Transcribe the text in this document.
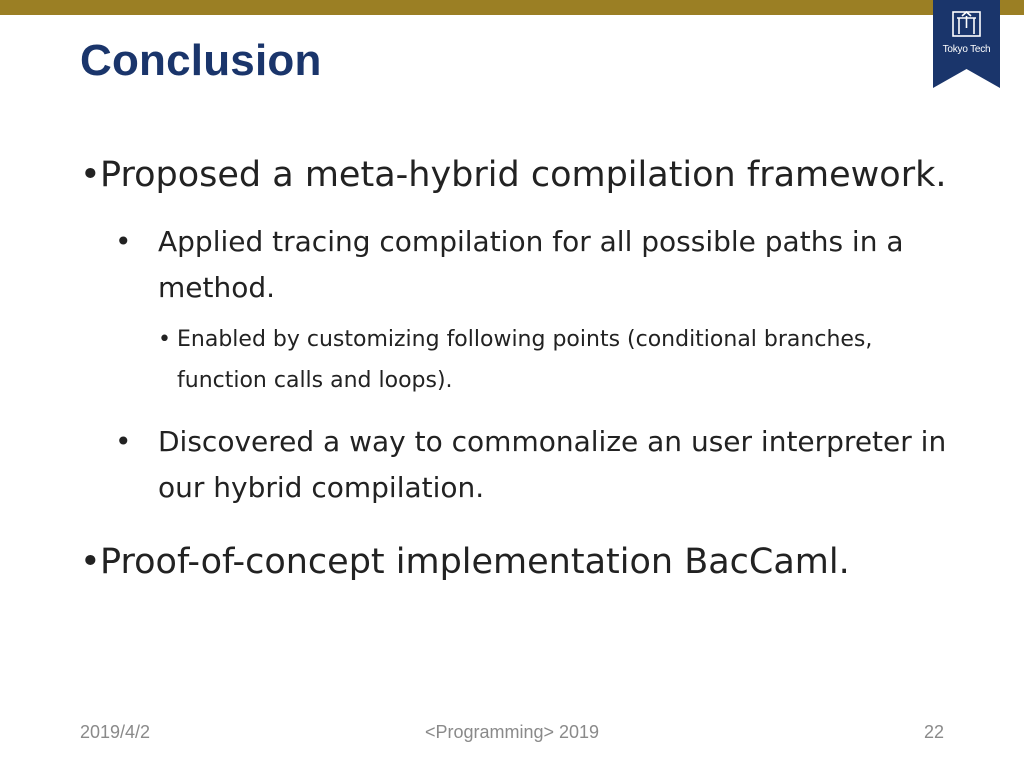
Tokyo Tech
Conclusion
• Proposed a meta-hybrid compilation framework.
• Applied tracing compilation for all possible paths in a method.
• Enabled by customizing following points (conditional branches, function calls and loops).
• Discovered a way to commonalize an user interpreter in our hybrid compilation.
• Proof-of-concept implementation BacCaml.
2019/4/2	<Programming> 2019	22
